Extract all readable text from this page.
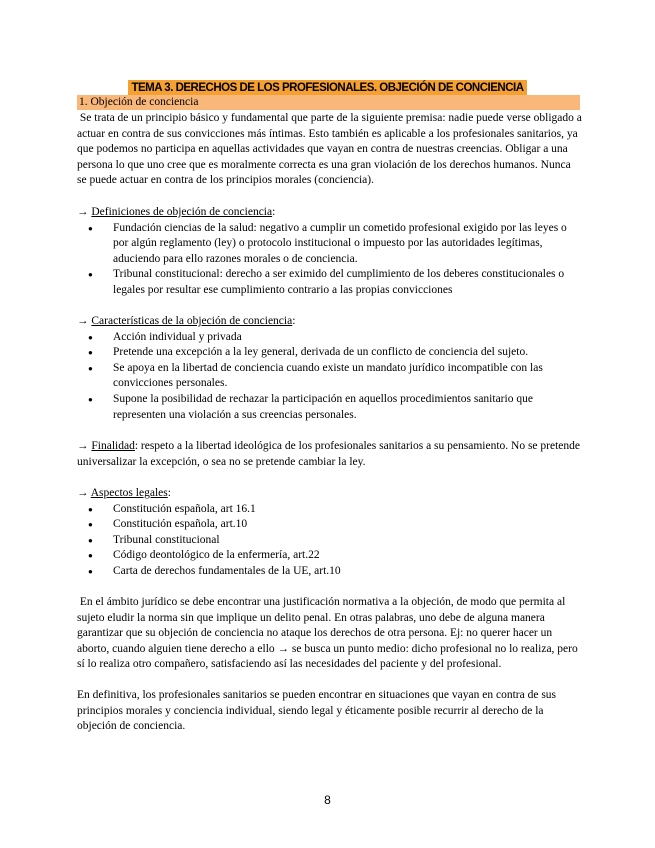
TEMA 3. DERECHOS DE LOS PROFESIONALES. OBJECIÓN DE CONCIENCIA
1. Objeción de conciencia

Se trata de un principio básico y fundamental que parte de la siguiente premisa: nadie puede verse obligado a actuar en contra de sus convicciones más íntimas. Esto también es aplicable a los profesionales sanitarios, ya que podemos no participa en aquellas actividades que vayan en contra de nuestras creencias. Obligar a una persona lo que uno cree que es moralmente correcta es una gran violación de los derechos humanos. Nunca se puede actuar en contra de los principios morales (conciencia).

→ Definiciones de objeción de conciencia:

● Fundación ciencias de la salud: negativo a cumplir un cometido profesional exigido por las leyes o por algún reglamento (ley) o protocolo institucional o impuesto por las autoridades legítimas, aduciendo para ello razones morales o de conciencia.
● Tribunal constitucional: derecho a ser eximido del cumplimiento de los deberes constitucionales o legales por resultar ese cumplimiento contrario a las propias convicciones

→ Características de la objeción de conciencia:

● Acción individual y privada
● Pretende una excepción a la ley general, derivada de un conflicto de conciencia del sujeto.
● Se apoya en la libertad de conciencia cuando existe un mandato jurídico incompatible con las convicciones personales.
● Supone la posibilidad de rechazar la participación en aquellos procedimientos sanitario que representen una violación a sus creencias personales.

→ Finalidad: respeto a la libertad ideológica de los profesionales sanitarios a su pensamiento. No se pretende universalizar la excepción, o sea no se pretende cambiar la ley.

→ Aspectos legales:

● Constitución española, art 16.1
● Constitución española, art.10
● Tribunal constitucional
● Código deontológico de la enfermería, art.22
● Carta de derechos fundamentales de la UE, art.10

En el ámbito jurídico se debe encontrar una justificación normativa a la objeción, de modo que permita al sujeto eludir la norma sin que implique un delito penal. En otras palabras, uno debe de alguna manera garantizar que su objeción de conciencia no ataque los derechos de otra persona. Ej: no querer hacer un aborto, cuando alguien tiene derecho a ello → se busca un punto medio: dicho profesional no lo realiza, pero sí lo realiza otro compañero, satisfaciendo así las necesidades del paciente y del profesional.

En definitiva, los profesionales sanitarios se pueden encontrar en situaciones que vayan en contra de sus principios morales y conciencia individual, siendo legal y éticamente posible recurrir al derecho de la objeción de conciencia.

8
